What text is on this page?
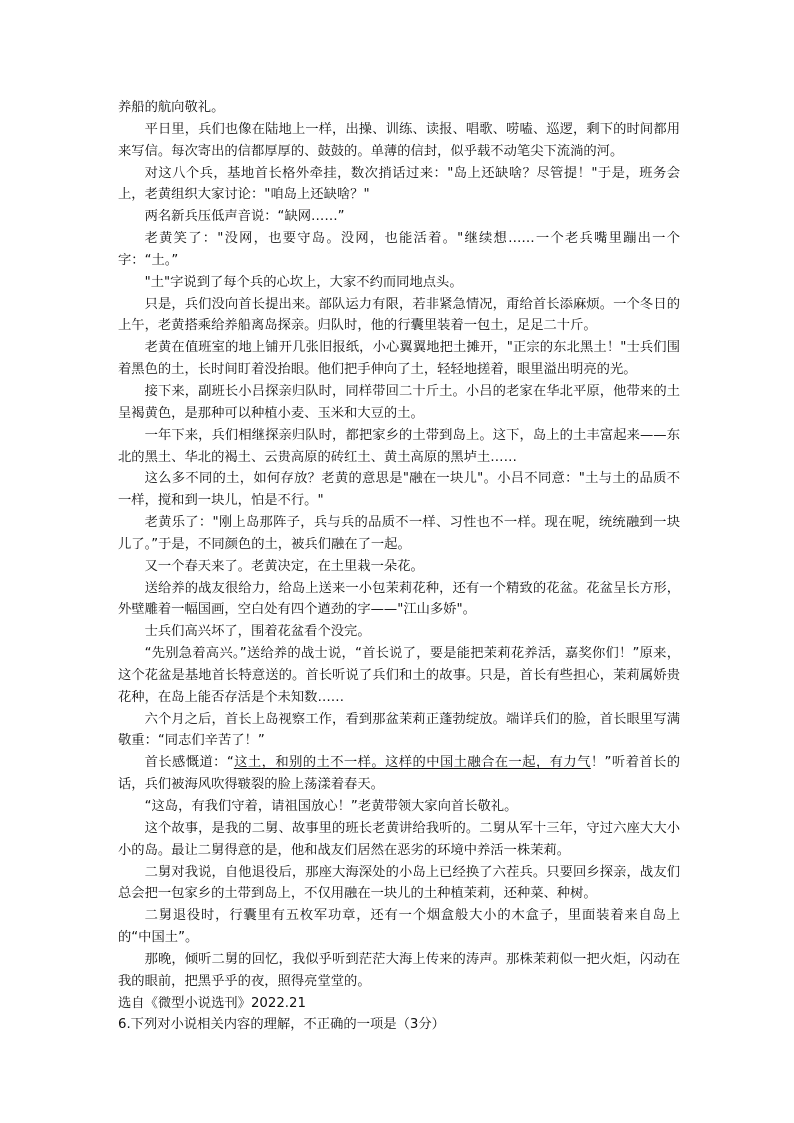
养船的航向敬礼。

平日里，兵们也像在陆地上一样，出操、训练、读报、唱歌、唠嗑、巡逻，剩下的时间都用来写信。每次寄出的信都厚厚的、鼓鼓的。单薄的信封，似乎载不动笔尖下流淌的河。

对这八个兵，基地首长格外牵挂，数次捎话过来："岛上还缺啥？尽管提！"于是，班务会上，老黄组织大家讨论："咱岛上还缺啥？"

两名新兵压低声音说：“缺网……”

老黄笑了："没网，也要守岛。没网，也能活着。"继续想……一个老兵嘴里蹦出一个字：“土。”

"土"字说到了每个兵的心坎上，大家不约而同地点头。

只是，兵们没向首长提出来。部队运力有限，若非紧急情况，甭给首长添麻烦。一个冬日的上午，老黄搭乘给养船离岛探亲。归队时，他的行囊里装着一包土，足足二十斤。

老黄在值班室的地上铺开几张旧报纸，小心翼翼地把土摊开，"正宗的东北黑土！"士兵们围着黑色的土，长时间盯着没抬眼。他们把手伸向了土，轻轻地搓着，眼里溢出明亮的光。

接下来，副班长小吕探亲归队时，同样带回二十斤土。小吕的老家在华北平原，他带来的土呈褐黄色，是那种可以种植小麦、玉米和大豆的土。

一年下来，兵们相继探亲归队时，都把家乡的土带到岛上。这下，岛上的土丰富起来——东北的黑土、华北的褐土、云贵高原的砖红土、黄土高原的黑垆土……

这么多不同的土，如何存放？老黄的意思是"融在一块儿"。小吕不同意："土与土的品质不一样，搅和到一块儿，怕是不行。"

老黄乐了："刚上岛那阵子，兵与兵的品质不一样、习性也不一样。现在呢，统统融到一块儿了。”于是，不同颜色的土，被兵们融在了一起。

又一个春天来了。老黄决定，在土里栽一朵花。

送给养的战友很给力，给岛上送来一小包茉莉花种，还有一个精致的花盆。花盆呈长方形，外壁雕着一幅国画，空白处有四个遒劲的字——"江山多娇"。

士兵们高兴坏了，围着花盆看个没完。

“先别急着高兴。”送给养的战士说，“首长说了，要是能把茉莉花养活，嘉奖你们！”原来，这个花盆是基地首长特意送的。首长听说了兵们和土的故事。只是，首长有些担心，茉莉属娇贵花种，在岛上能否存活是个未知数……

六个月之后，首长上岛视察工作，看到那盆茉莉正蓬勃绽放。端详兵们的脸，首长眼里写满敬重：“同志们辛苦了！”

首长感慨道：“这土，和别的土不一样。这样的中国土融合在一起，有力气！”听着首长的话，兵们被海风吹得皲裂的脸上荡漾着春天。

“这岛，有我们守着，请祖国放心！”老黄带领大家向首长敬礼。

这个故事，是我的二舅、故事里的班长老黄讲给我听的。二舅从军十三年，守过六座大大小小的岛。最让二舅得意的是，他和战友们居然在恶劣的环境中养活一株茉莉。

二舅对我说，自他退役后，那座大海深处的小岛上已经换了六茬兵。只要回乡探亲，战友们总会把一包家乡的土带到岛上，不仅用融在一块儿的土种植茉莉，还种菜、种树。

二舅退役时，行囊里有五枚军功章，还有一个烟盒般大小的木盒子，里面装着来自岛上的“中国土”。

那晚，倾听二舅的回忆，我似乎听到茫茫大海上传来的涛声。那株茉莉似一把火炬，闪动在我的眼前，把黑乎乎的夜，照得亮堂堂的。

选自《微型小说选刊》2022.21

6.下列对小说相关内容的理解，不正确的一项是（3分）
